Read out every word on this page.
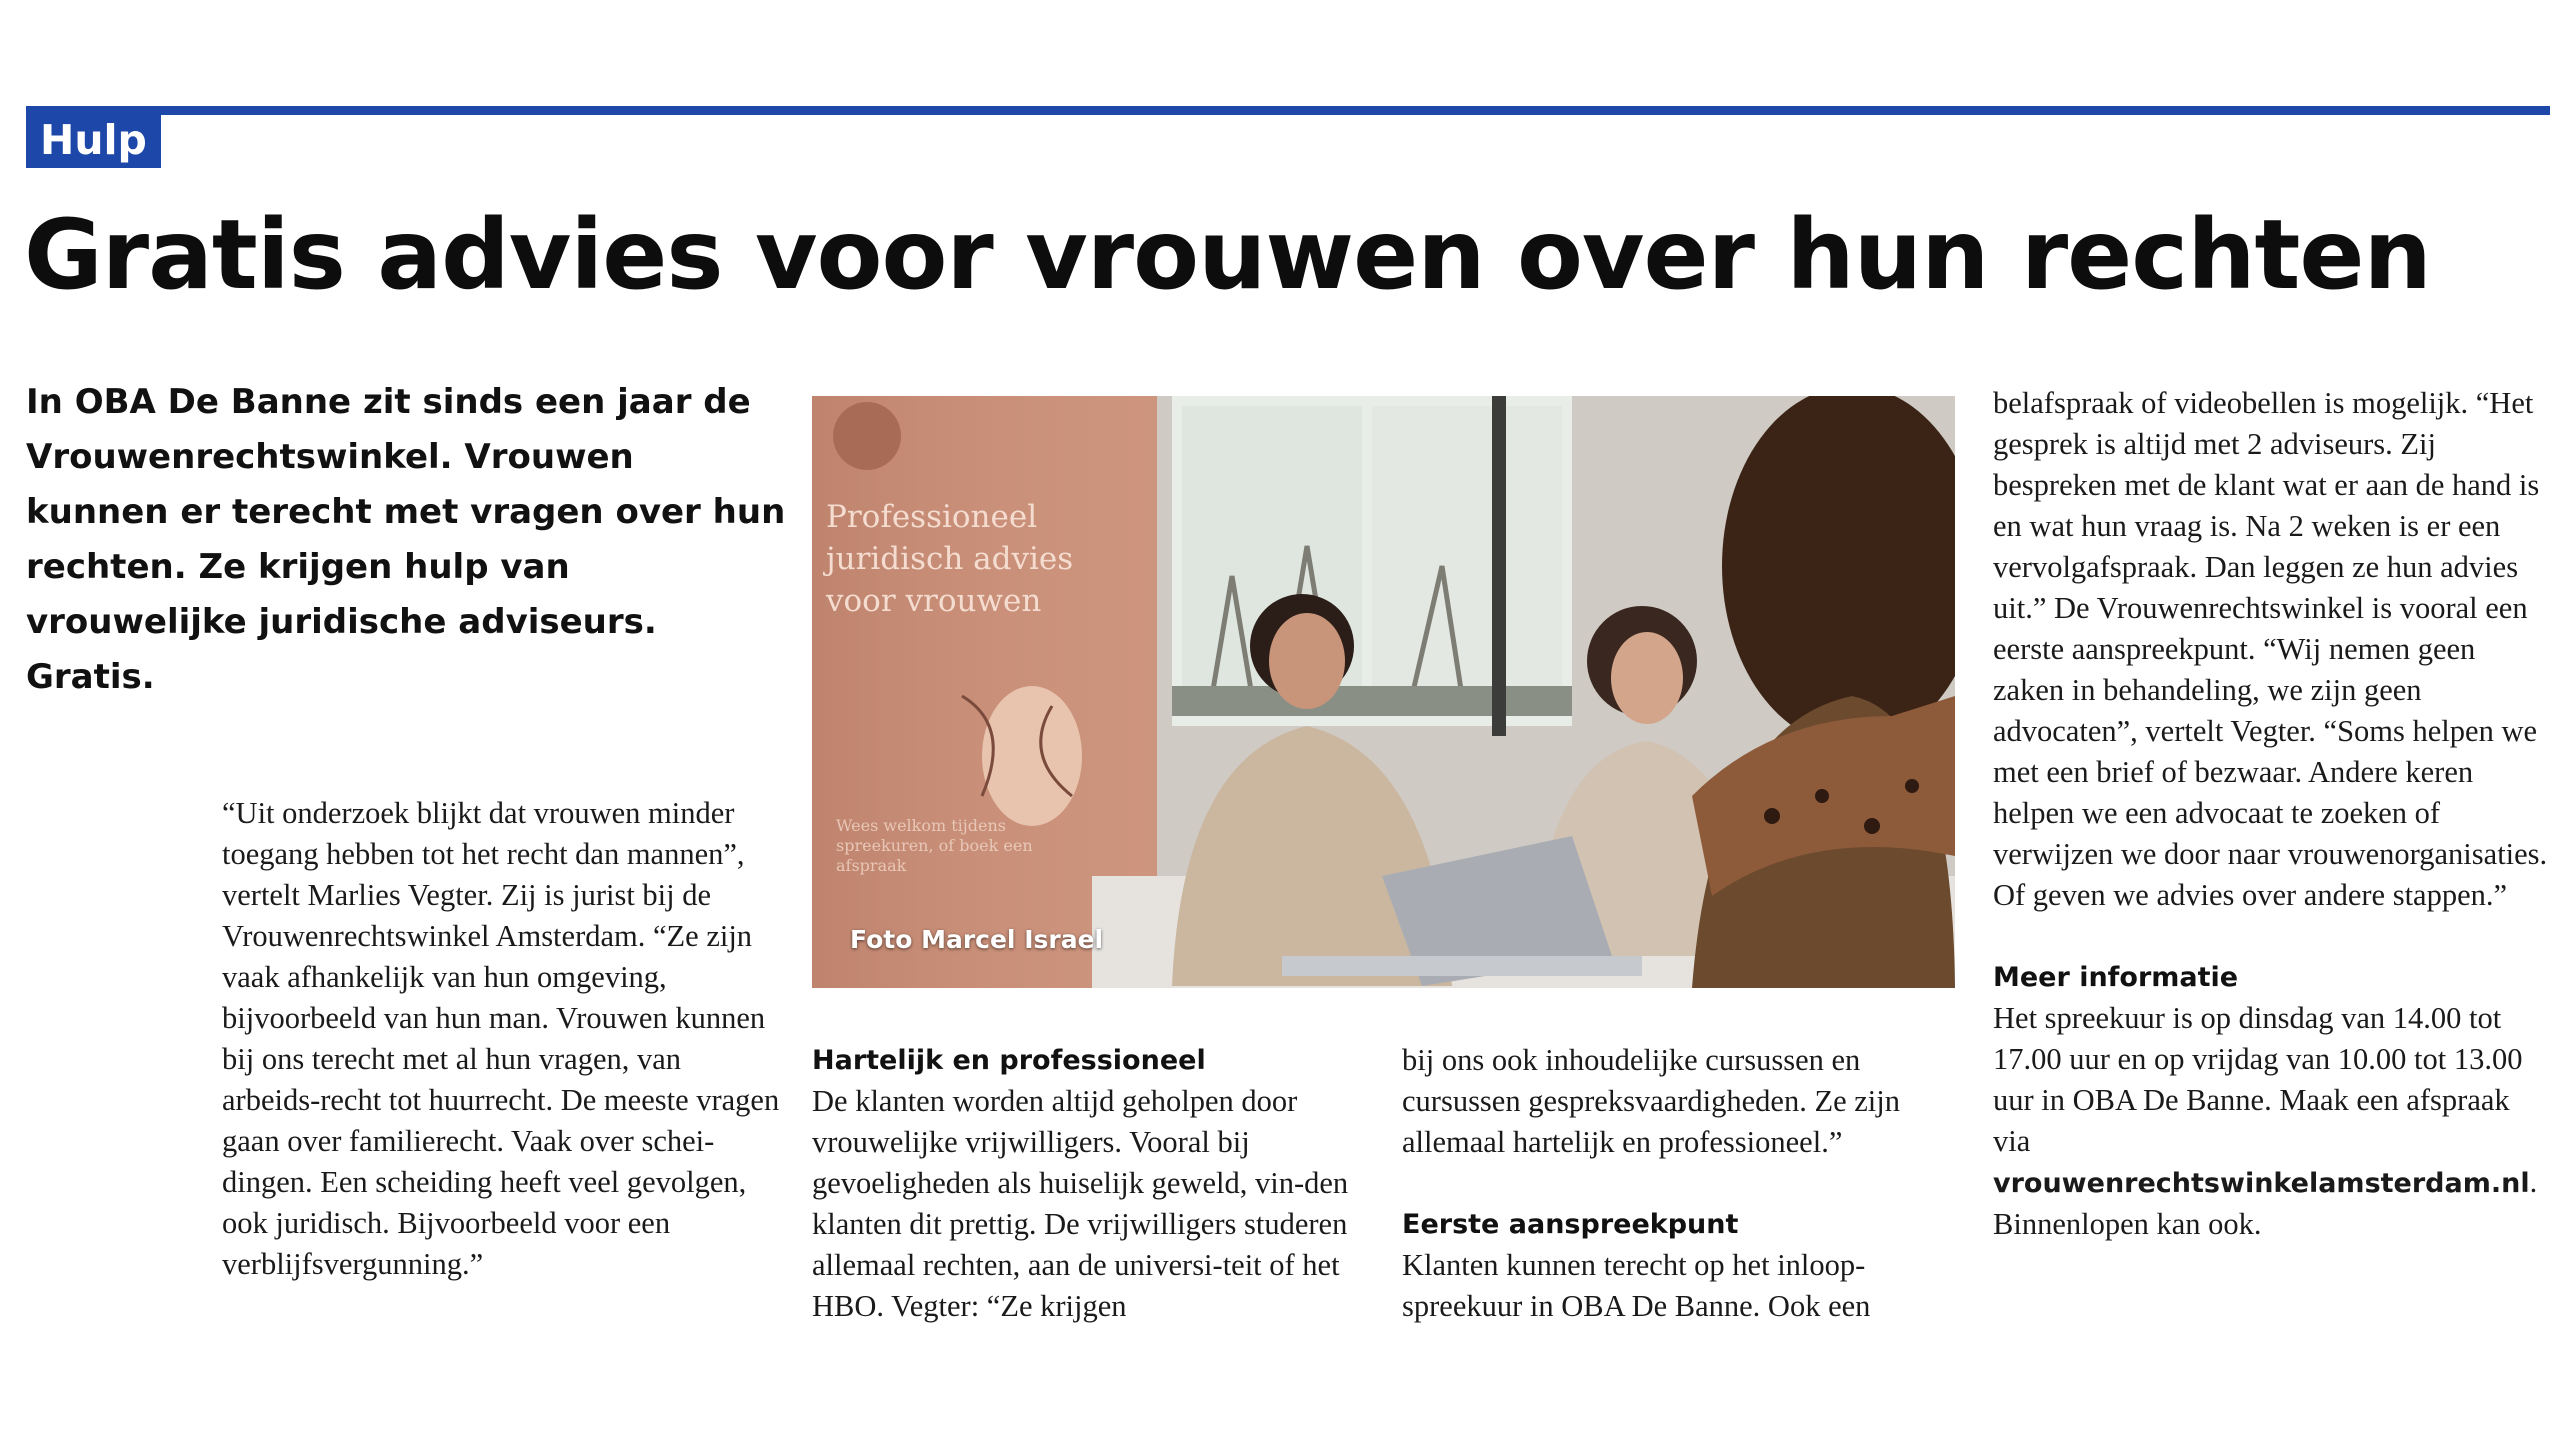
Hulp
Gratis advies voor vrouwen over hun rechten

In OBA De Banne zit sinds een jaar de Vrouwenrechtswinkel. Vrouwen kunnen er terecht met vragen over hun rechten. Ze krijgen hulp van vrouwelijke juridische adviseurs. Gratis.

“Uit onderzoek blijkt dat vrouwen minder toegang hebben tot het recht dan mannen”, vertelt Marlies Vegter. Zij is jurist bij de Vrouwenrechtswinkel Amsterdam. “Ze zijn vaak afhankelijk van hun omgeving, bijvoorbeeld van hun man. Vrouwen kunnen bij ons terecht met al hun vragen, van arbeids-recht tot huurrecht. De meeste vragen gaan over familierecht. Vaak over schei-dingen. Een scheiding heeft veel gevolgen, ook juridisch. Bijvoorbeeld voor een verblijfsvergunning.”

Professioneel juridisch advies voor vrouwen
Wees welkom tijdens spreekuren, of boek een afspraak
Foto Marcel Israel
Hartelijk en professioneel

De klanten worden altijd geholpen door vrouwelijke vrijwilligers. Vooral bij gevoeligheden als huiselijk geweld, vin-den klanten dit prettig. De vrijwilligers studeren allemaal rechten, aan de universi-teit of het HBO. Vegter: “Ze krijgen

bij ons ook inhoudelijke cursussen en cursussen gespreksvaardigheden. Ze zijn allemaal hartelijk en professioneel.”

Eerste aanspreekpunt

Klanten kunnen terecht op het inloop-spreekuur in OBA De Banne. Ook een

belafspraak of videobellen is mogelijk. “Het gesprek is altijd met 2 adviseurs. Zij bespreken met de klant wat er aan de hand is en wat hun vraag is. Na 2 weken is er een vervolgafspraak. Dan leggen ze hun advies uit.” De Vrouwenrechtswinkel is vooral een eerste aanspreekpunt. “Wij nemen geen zaken in behandeling, we zijn geen advocaten”, vertelt Vegter. “Soms helpen we met een brief of bezwaar. Andere keren helpen we een advocaat te zoeken of verwijzen we door naar vrouwenorganisaties. Of geven we advies over andere stappen.”

Meer informatie

Het spreekuur is op dinsdag van 14.00 tot 17.00 uur en op vrijdag van 10.00 tot 13.00 uur in OBA De Banne. Maak een afspraak via vrouwenrechtswinkelamsterdam.nl.

Binnenlopen kan ook.
